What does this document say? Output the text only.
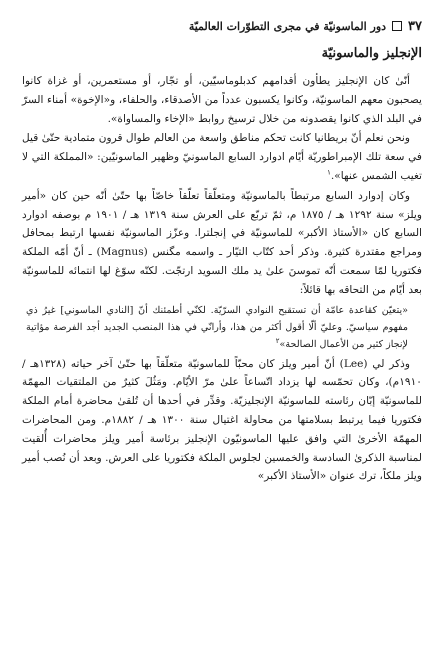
٣٧
دور الماسونيّة في مجرى التطوّرات العالميّة
الإنجليز والماسونيّة

أنّىٰ كان الإنجليز يطأون أقدامهم كدبلوماسيّين، أو تجّار، أو مستعمرين، أو غزاة كانوا يصحبون معهم الماسونيّة، وكانوا يكسبون عدداً من الأصدقاء، والحلفاء، و«الإخوة» أمناء السرّ في البلد الذي كانوا يقصدونه من خلال ترسيخ روابط «الإخاء والمساواة».

ونحن نعلم أنّ بريطانيا كانت تحكم مناطق واسعة من العالم طوال قرون متمادية حتّىٰ قيل في سعة تلك الإمبراطوريّة أيّام ادوارد السابع الماسونيّ وظهير الماسونيّين: «المملكة التي لا تغيب الشمس عنها».$^١$

وكان إدوارد السابع مرتبطاً بالماسونيّة ومتعلّقاً تعلّقاً خاصّاً بها حتّىٰ أنّه حين كان «أمير ويلز» سنة ١٢٩٢ هـ / ١٨٧٥ م، ثمّ تربّع على العرش سنة ١٣١٩ هـ / ١٩٠١ م بوصفه ادوارد السابع كان «الأستاذ الأكبر» للماسونيّة في إنجلترا. وعزّز الماسونيّة نفسها ارتبط بمحافل ومراجع مقتدرة كثيرة. وذكر أحد كتّاب التيّار ـ واسمه مگنس (Magnus) ـ أنّ أمّه الملكة فكتوريا لمّا سمعت أنّه تموسنَ علىٰ يد ملك السويد ارتجّت. لكنّه سوّغ لها انتمائه للماسونيّة بعد أيّام من التحاقه بها قائلاً:

«يتعيّن كقاعدة عامّة أن تستقبح النوادي السرّيّة. لكنّي أطمئنك أنّ [النادي الماسوني] غيرُ ذي مفهوم سياسيّ. وعليّ ألّا أقول أكثر من هذا، وأرانّي في هذا المنصب الجديد أجد الفرصة مؤاتية لإنجاز كثير من الأعمال الصالحة»$^٢$

وذكر لي (Lee) أنّ أمير ويلز كان محبّاً للماسونيّة متعلّقاً بها حتّىٰ آخر حياته (١٣٢٨هـ / ١٩١٠م)، وكان تحمّسه لها يزداد اتّساعاً علىٰ مرّ الأيّام. ومَثُلَ كثيرٌ من الملتقيات المهمّة للماسونيّة إبّان رئاسته للماسونيّة الإنجليزيّة. وقدِّر في أحدها أن تُلقىٰ محاضرة أمام الملكة فكتوريا فيما يرتبط بسلامتها من محاولة اغتيال سنة ١٣٠٠ هـ / ١٨٨٢م. ومن المحاضرات المهمّة الأخرىٰ التي وافق عليها الماسونيّون الإنجليز برئاسة أمير ويلز محاضرات أُلقيت لمناسبة الذكرىٰ السادسة والخمسين لجلوس الملكة فكتوريا على العرش. وبعد أن نُصب أمير ويلز ملكاً، ترك عنوان «الأستاذ الأكبر»
